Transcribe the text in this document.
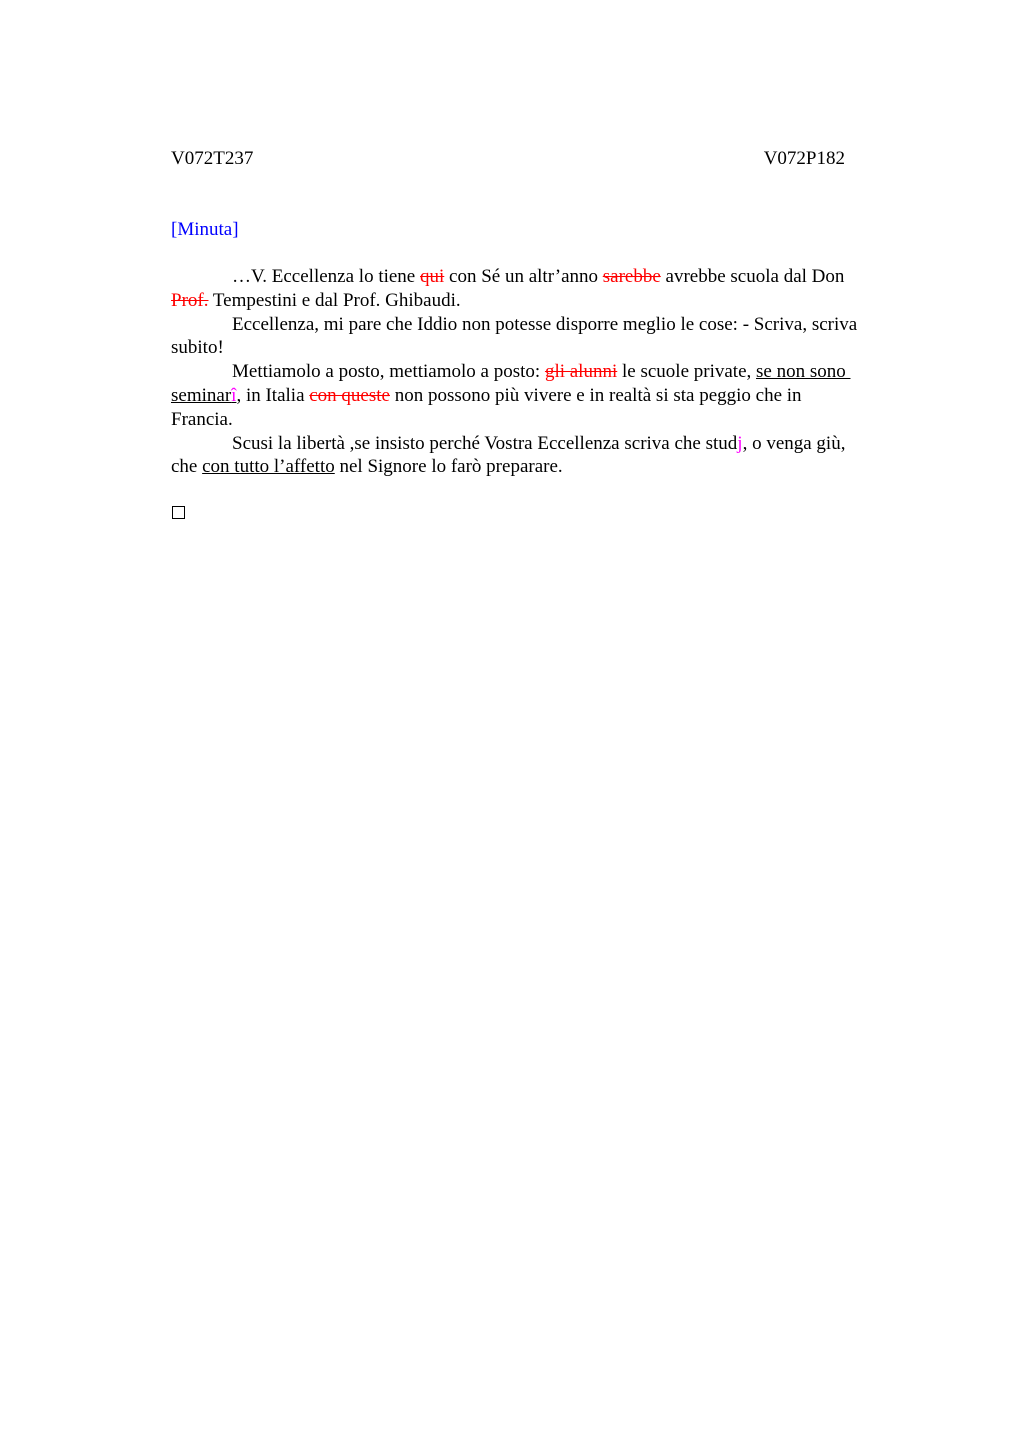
V072T237	V072P182
[Minuta]
…V. Eccellenza lo tiene qui con Sé un altr’anno sarebbe avrebbe scuola dal Don
Prof. Tempestini e dal Prof. Ghibaudi.
Eccellenza, mi pare che Iddio non potesse disporre meglio le cose: - Scriva, scriva
subito!
Mettiamolo a posto, mettiamolo a posto: gli alunni le scuole private, se non sono
seminarî, in Italia con queste non possono più vivere e in realtà si sta peggio che in
Francia.
Scusi la libertà ,se insisto perché Vostra Eccellenza scriva che studj, o venga giù,
che con tutto l’affetto nel Signore lo farò preparare.
